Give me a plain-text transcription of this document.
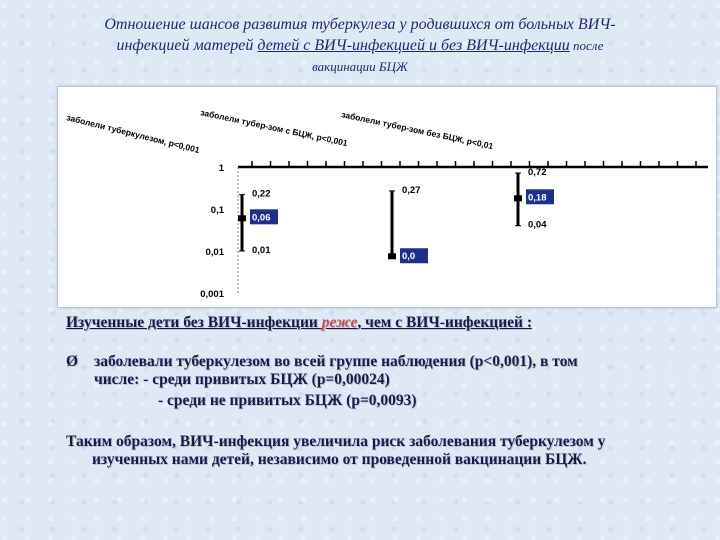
Отношение шансов развития туберкулеза у родившихся от больных ВИЧ-
инфекцией матерей детей с ВИЧ-инфекцией и без ВИЧ-инфекции после
вакцинации БЦЖ
1
0,1
0,01
0,001
заболели туберкулезом, p<0,001
заболели тубер-зом с БЦЖ, p<0,001
заболели тубер-зом без БЦЖ, p<0,01
0,22
0,06
0,01
0,27
0,0
0,72
0,18
0,04
Изученные дети без ВИЧ-инфекции реже, чем с ВИЧ-инфекцией :
Ø заболевали туберкулезом во всей группе наблюдения (р<0,001), в том
числе: - среди привитых БЦЖ (р=0,00024)
- среди не привитых БЦЖ (р=0,0093)
Таким образом, ВИЧ-инфекция увеличила риск заболевания туберкулезом у
изученных нами детей, независимо от проведенной вакцинации БЦЖ.
